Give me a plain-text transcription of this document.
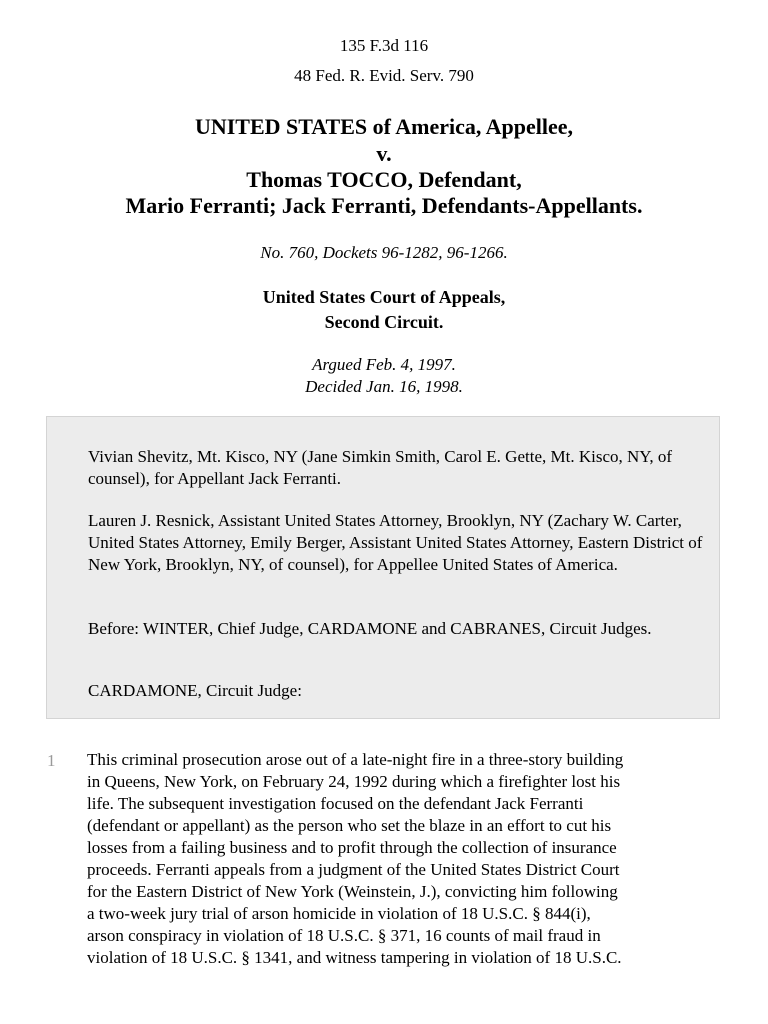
135 F.3d 116
48 Fed. R. Evid. Serv. 790
UNITED STATES of America, Appellee,
v.
Thomas TOCCO, Defendant,
Mario Ferranti; Jack Ferranti, Defendants-Appellants.
No. 760, Dockets 96-1282, 96-1266.
United States Court of Appeals,
Second Circuit.
Argued Feb. 4, 1997.
Decided Jan. 16, 1998.
Vivian Shevitz, Mt. Kisco, NY (Jane Simkin Smith, Carol E. Gette, Mt. Kisco, NY, of counsel), for Appellant Jack Ferranti.
Lauren J. Resnick, Assistant United States Attorney, Brooklyn, NY (Zachary W. Carter, United States Attorney, Emily Berger, Assistant United States Attorney, Eastern District of New York, Brooklyn, NY, of counsel), for Appellee United States of America.
Before: WINTER, Chief Judge, CARDAMONE and CABRANES, Circuit Judges.
CARDAMONE, Circuit Judge:
1 This criminal prosecution arose out of a late-night fire in a three-story building
in Queens, New York, on February 24, 1992 during which a firefighter lost his
life. The subsequent investigation focused on the defendant Jack Ferranti
(defendant or appellant) as the person who set the blaze in an effort to cut his
losses from a failing business and to profit through the collection of insurance
proceeds. Ferranti appeals from a judgment of the United States District Court
for the Eastern District of New York (Weinstein, J.), convicting him following
a two-week jury trial of arson homicide in violation of 18 U.S.C. § 844(i),
arson conspiracy in violation of 18 U.S.C. § 371, 16 counts of mail fraud in
violation of 18 U.S.C. § 1341, and witness tampering in violation of 18 U.S.C.
